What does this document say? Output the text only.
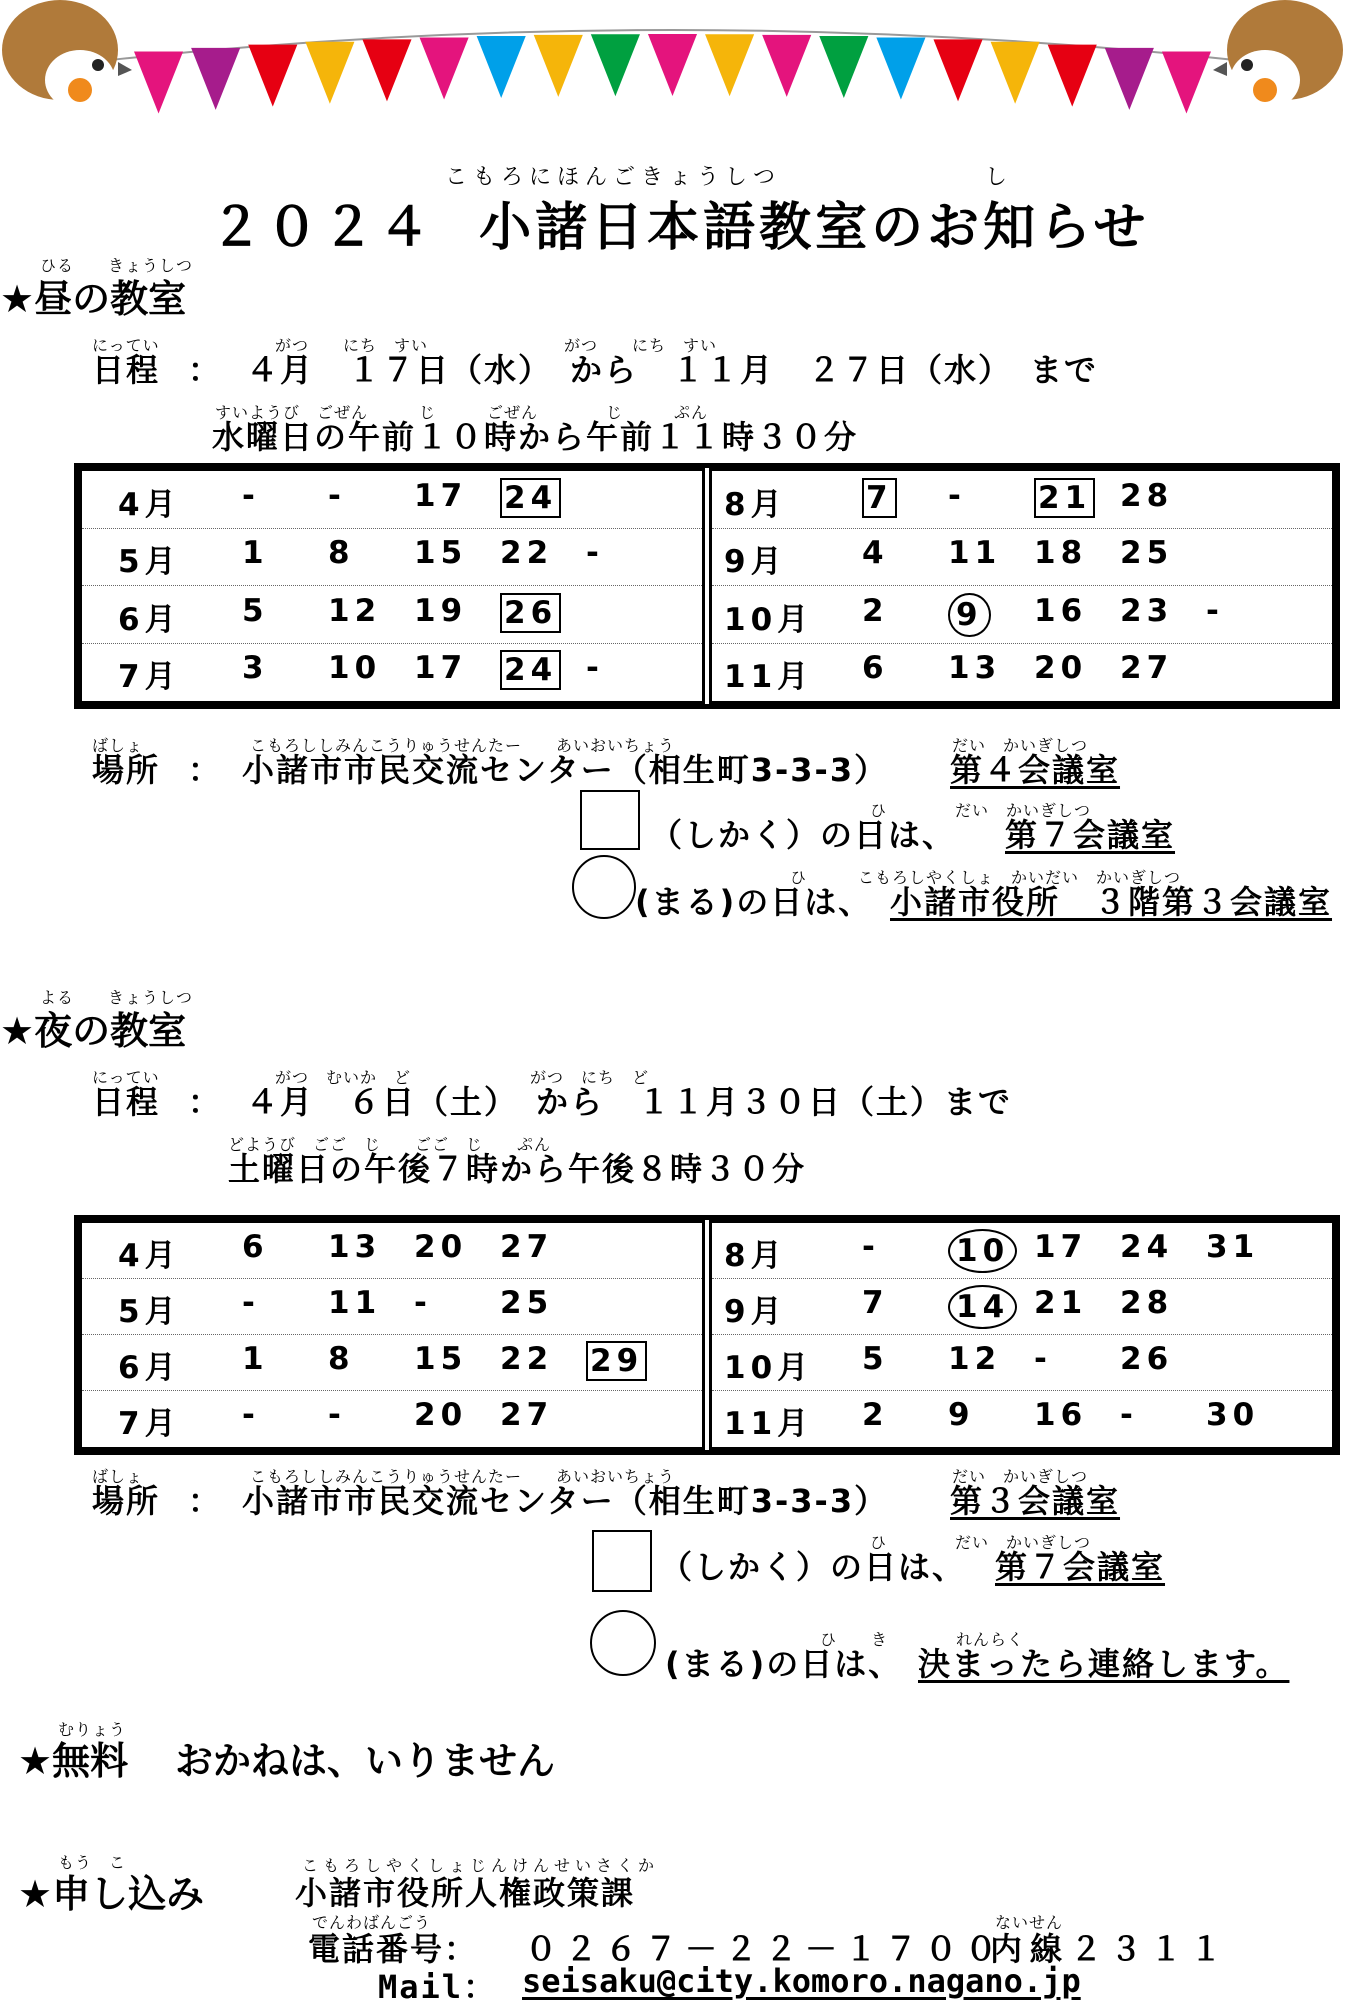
２０２４ 小諸日本語教室のお知らせ
こもろにほんごきょうしつ	し
ひる　　きょうしつ
★昼の教室
にってい
日程 ：
がつ　　にち　すい　　　　　　　　がつ　　にち　すい
４月　１７日（水）　から　１１月　２７日（水）　まで
すいようび　ごぜん　　　じ　　　ごぜん　　　　じ　　　ぷん
水曜日の午前１０時から午前１１時３０分
4月 - - 17 24
5月 1 8 15 22 -
6月 5 12 19 26
7月 3 10 17 24 -
8月	7 - 21 28
9月 4 11 18 25
10月 2 9 16 23 -
11月 6 13 20 27
ばしょ
場所 ：
こもろししみんこうりゅうせんたー　　あいおいちょう
小諸市市民交流センター（相生町3-3-3）
だい　かいぎしつ
第４会議室
ひ　　　　だい　かいぎしつ
（しかく）の日は、 第７会議室
ひ　　　こもろしやくしょ　かいだい　かいぎしつ
(まる)の日は、 小諸市役所　３階第３会議室
よる　　きょうしつ
★夜の教室
にってい
日程 ：
がつ　むいか　ど　　　　　　　がつ　にち　ど
４月　６日（土）　から　１１月３０日（土）まで
どようび　ごご　じ　　ごご　じ　　ぷん
土曜日の午後７時から午後８時３０分
4月 6 13 20 27
5月 - 11 - 25
6月 1 8 15 22 29
7月 - - 20 27
8月 - 10 17 24 31
9月 7 14 21 28
10月 5 12 - 26
11月 2 9 16 - 30
ばしょ
場所 ：
こもろししみんこうりゅうせんたー　　あいおいちょう
小諸市市民交流センター（相生町3-3-3）
だい　かいぎしつ
第３会議室
ひ　　　　だい　かいぎしつ
（しかく）の日は、 第７会議室
ひ　　き　　　　れんらく
(まる)の日は、 決まったら連絡します。
むりょう
★無料 おかねは、いりません
もう　こ
★申し込み
こもろしやくしょじんけんせいさくか
小諸市役所人権政策課
でんわばんごう
電話番号： ０２６７－２２－１７００
ないせん
内線２３１１
Mail： seisaku@city.komoro.nagano.jp
